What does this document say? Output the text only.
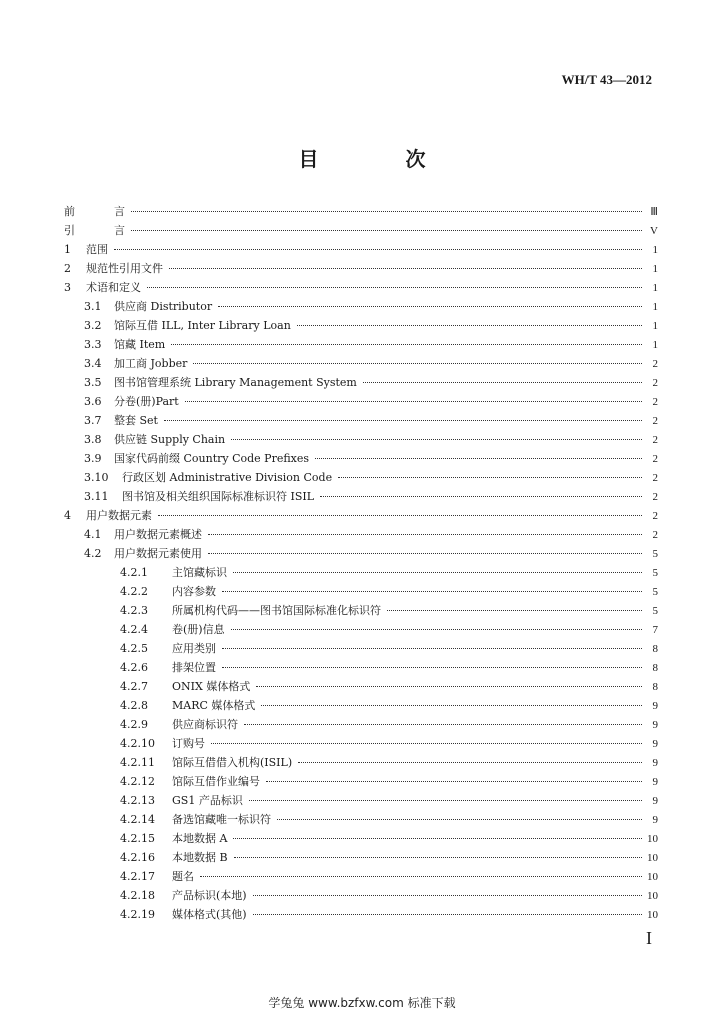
WH/T 43—2012
目 次
前	言	Ⅲ
引	言	V
1	范围	1
2	规范性引用文件	1
3	术语和定义	1
3.1	供应商 Distributor	1
3.2	馆际互借 ILL, Inter Library Loan	1
3.3	馆藏 Item	1
3.4	加工商 Jobber	2
3.5	图书馆管理系统 Library Management System	2
3.6	分卷(册)Part	2
3.7	整套 Set	2
3.8	供应链 Supply Chain	2
3.9	国家代码前缀 Country Code Prefixes	2
3.10	行政区划 Administrative Division Code	2
3.11	图书馆及相关组织国际标准标识符 ISIL	2
4	用户数据元素	2
4.1	用户数据元素概述	2
4.2	用户数据元素使用	5
4.2.1	主馆藏标识	5
4.2.2	内容参数	5
4.2.3	所属机构代码——图书馆国际标准化标识符	5
4.2.4	卷(册)信息	7
4.2.5	应用类别	8
4.2.6	排架位置	8
4.2.7	ONIX 媒体格式	8
4.2.8	MARC 媒体格式	9
4.2.9	供应商标识符	9
4.2.10	订购号	9
4.2.11	馆际互借借入机构(ISIL)	9
4.2.12	馆际互借作业编号	9
4.2.13	GS1 产品标识	9
4.2.14	备选馆藏唯一标识符	9
4.2.15	本地数据 A	10
4.2.16	本地数据 B	10
4.2.17	题名	10
4.2.18	产品标识(本地)	10
4.2.19	媒体格式(其他)	10
I
学兔兔 www.bzfxw.com 标准下载
